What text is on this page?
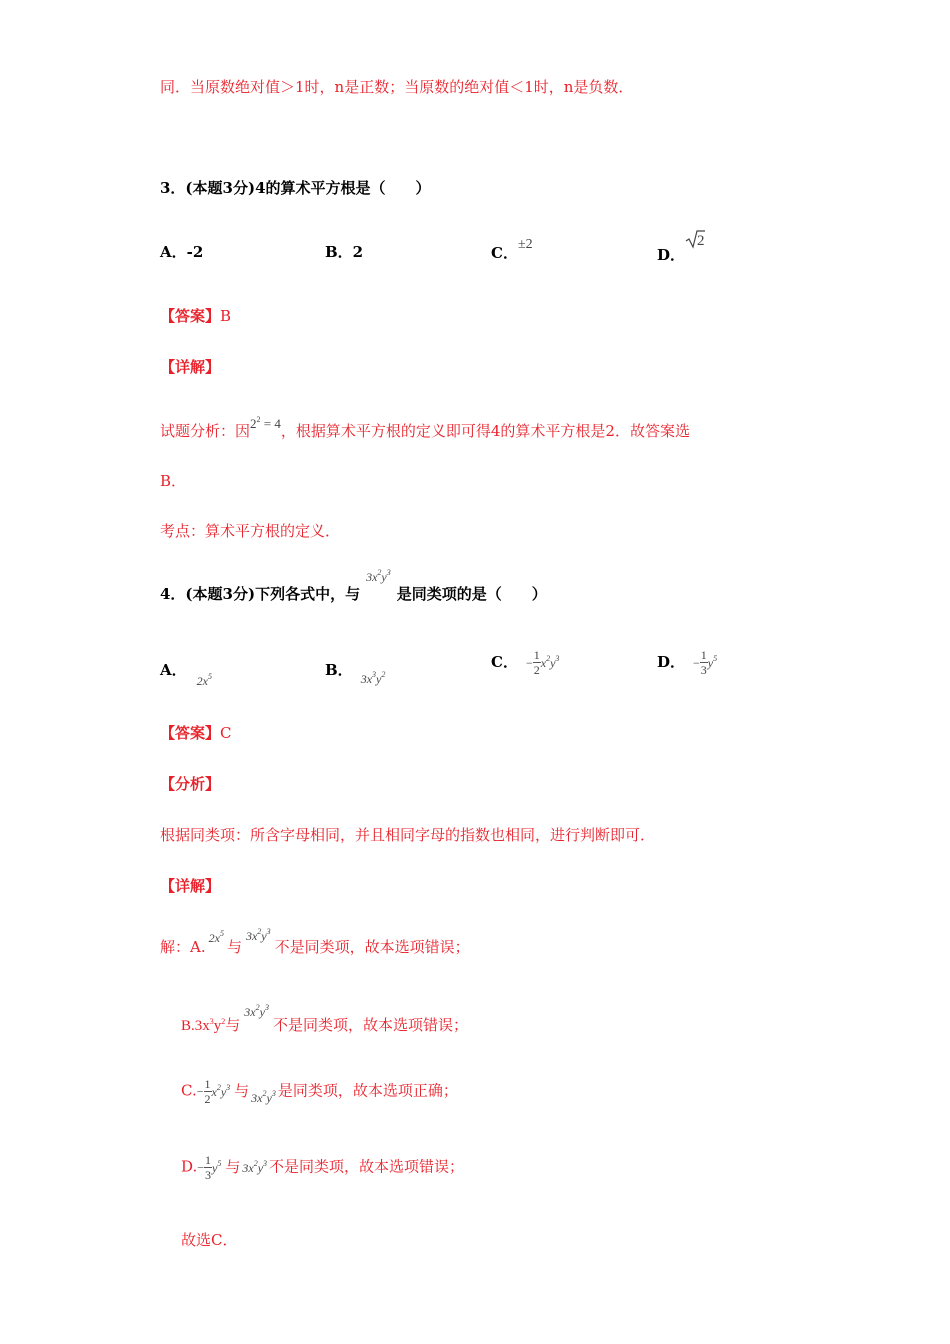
同．当原数绝对值＞1时，n是正数；当原数的绝对值＜1时，n是负数．
3．(本题3分)4的算术平方根是（　　）
A．-2	B．2	C．±2
D．2
【答案】B
【详解】
试题分析：因$2^2 = 4$，根据算术平方根的定义即可得4的算术平方根是2．故答案选
B．
考点：算术平方根的定义．
4．(本题3分)下列各式中，与$^{3x^2y^3}$是同类项的是（　　）
A．$_{2x^5}$	B． $_{3x^3y^2}$
C． − $\frac{1}{2} x^2y^3$	D． − $\frac{1}{3} y^5$
【答案】C
【分析】
根据同类项：所含字母相同，并且相同字母的指数也相同，进行判断即可．
【详解】
解：A. $^{2x^5}$与$^{3x^2y^3}$不是同类项，故本选项错误；
$B.3x^3y^2$与$^{3x^2y^3}$不是同类项，故本选项错误；
$C.- \frac{1}{2} x^2y^3$ 与 $_{3x^2y^3}$ 是同类项，故本选项正确；
$D.- \frac{1}{3} y^5$ 与 $3x^2y^3$ 不是同类项，故本选项错误；
故选C．
